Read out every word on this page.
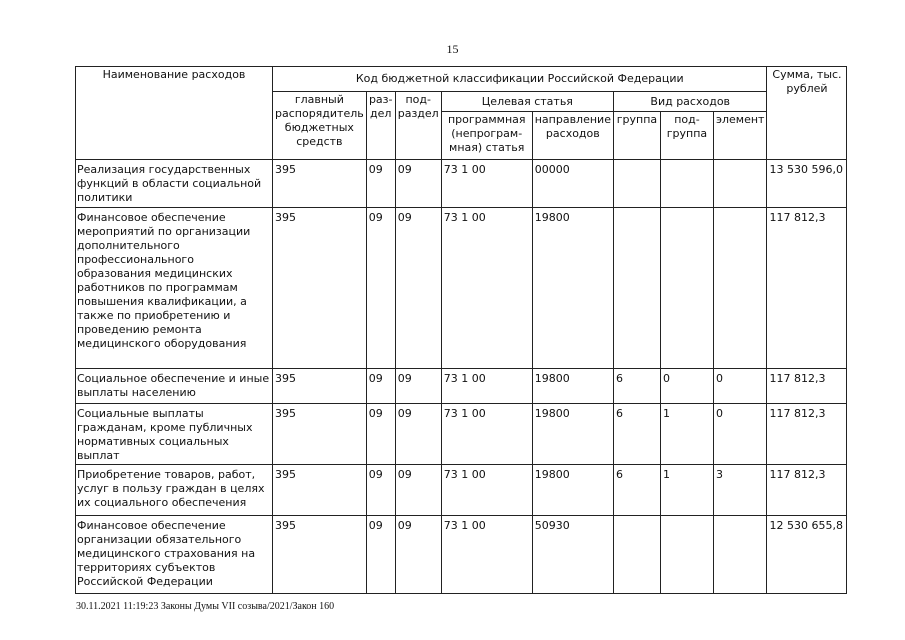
15
Наименование расходов	Код бюджетной классификации Российской Федерации								Сумма, тыс. рублей
	главный распорядитель бюджетных средств	раз-дел	под-раздел	Целевая статья		Вид расходов			
				программная (непрограм-мная) статья	направление расходов	группа	под-группа	элемент	
Реализация государственных функций в области социальной политики	395	09	09	73 1 00	00000				13 530 596,0
Финансовое обеспечение мероприятий по организации дополнительного профессионального образования медицинских работников по программам повышения квалификации, а также по приобретению и проведению ремонта медицинского оборудования	395	09	09	73 1 00	19800				117 812,3
Социальное обеспечение и иные выплаты населению	395	09	09	73 1 00	19800	6	0	0	117 812,3
Социальные выплаты гражданам, кроме публичных нормативных социальных выплат	395	09	09	73 1 00	19800	6	1	0	117 812,3
Приобретение товаров, работ, услуг в пользу граждан в целях их социального обеспечения	395	09	09	73 1 00	19800	6	1	3	117 812,3
Финансовое обеспечение организации обязательного медицинского страхования на территориях субъектов Российской Федерации	395	09	09	73 1 00	50930				12 530 655,8
30.11.2021 11:19:23 Законы Думы VII созыва/2021/Закон 160
